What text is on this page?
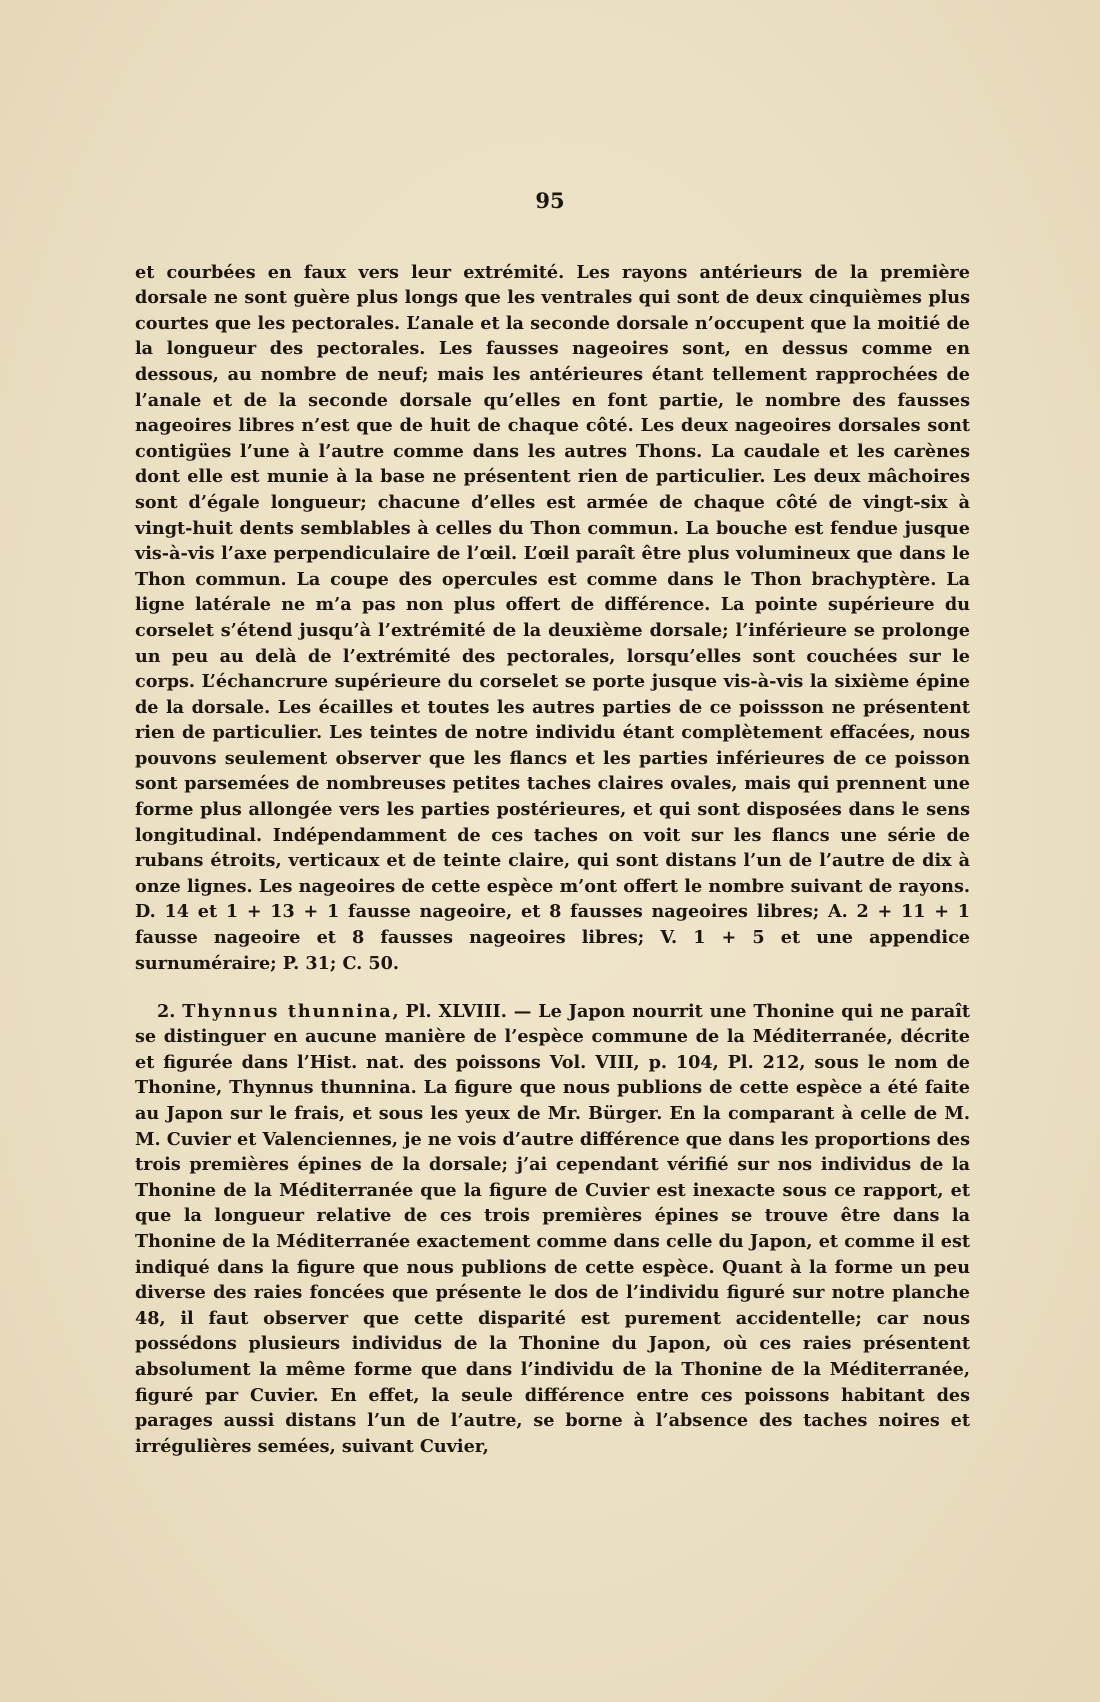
95

et courbées en faux vers leur extrémité. Les rayons antérieurs de la première dorsale ne sont guère plus longs que les ventrales qui sont de deux cinquièmes plus courtes que les pectorales. L’anale et la seconde dorsale n’occupent que la moitié de la longueur des pectorales. Les fausses nageoires sont, en dessus comme en dessous, au nombre de neuf; mais les antérieures étant tellement rapprochées de l’anale et de la seconde dorsale qu’elles en font partie, le nombre des fausses nageoires libres n’est que de huit de chaque côté. Les deux nageoires dorsales sont contigües l’une à l’autre comme dans les autres Thons. La caudale et les carènes dont elle est munie à la base ne présentent rien de particulier. Les deux mâchoires sont d’égale longueur; chacune d’elles est armée de chaque côté de vingt-six à vingt-huit dents semblables à celles du Thon commun. La bouche est fendue jusque vis-à-vis l’axe perpendiculaire de l’œil. L’œil paraît être plus volumineux que dans le Thon commun. La coupe des opercules est comme dans le Thon brachyptère. La ligne latérale ne m’a pas non plus offert de différence. La pointe supérieure du corselet s’étend jusqu’à l’extrémité de la deuxième dorsale; l’inférieure se prolonge un peu au delà de l’extrémité des pectorales, lorsqu’elles sont couchées sur le corps. L’échancrure supérieure du corselet se porte jusque vis-à-vis la sixième épine de la dorsale. Les écailles et toutes les autres parties de ce poissson ne présentent rien de particulier. Les teintes de notre individu étant complètement effacées, nous pouvons seulement observer que les flancs et les parties inférieures de ce poisson sont parsemées de nombreuses petites taches claires ovales, mais qui prennent une forme plus allongée vers les parties postérieures, et qui sont disposées dans le sens longitudinal. Indépendamment de ces taches on voit sur les flancs une série de rubans étroits, verticaux et de teinte claire, qui sont distans l’un de l’autre de dix à onze lignes. Les nageoires de cette espèce m’ont offert le nombre suivant de rayons. D. 14 et 1 + 13 + 1 fausse nageoire, et 8 fausses nageoires libres; A. 2 + 11 + 1 fausse nageoire et 8 fausses nageoires libres; V. 1 + 5 et une appendice surnuméraire; P. 31; C. 50.

2. Thynnus thunnina, Pl. XLVIII. — Le Japon nourrit une Thonine qui ne paraît se distinguer en aucune manière de l’espèce commune de la Méditerranée, décrite et figurée dans l’Hist. nat. des poissons Vol. VIII, p. 104, Pl. 212, sous le nom de Thonine, Thynnus thunnina. La figure que nous publions de cette espèce a été faite au Japon sur le frais, et sous les yeux de Mr. Bürger. En la comparant à celle de M. M. Cuvier et Valenciennes, je ne vois d’autre différence que dans les proportions des trois premières épines de la dorsale; j’ai cependant vérifié sur nos individus de la Thonine de la Méditerranée que la figure de Cuvier est inexacte sous ce rapport, et que la longueur relative de ces trois premières épines se trouve être dans la Thonine de la Méditerranée exactement comme dans celle du Japon, et comme il est indiqué dans la figure que nous publions de cette espèce. Quant à la forme un peu diverse des raies foncées que présente le dos de l’individu figuré sur notre planche 48, il faut observer que cette disparité est purement accidentelle; car nous possédons plusieurs individus de la Thonine du Japon, où ces raies présentent absolument la même forme que dans l’individu de la Thonine de la Méditerranée, figuré par Cuvier. En effet, la seule différence entre ces poissons habitant des parages aussi distans l’un de l’autre, se borne à l’absence des taches noires et irrégulières semées, suivant Cuvier,
